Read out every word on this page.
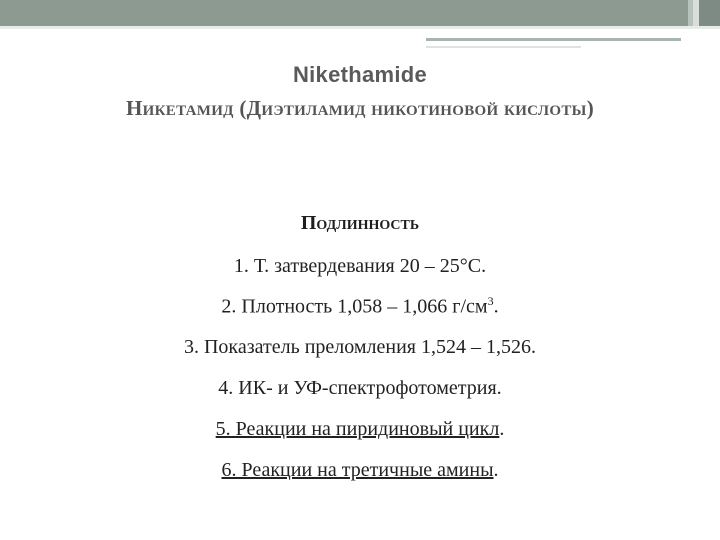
Nikethamide
Никетамид (Диэтиламид никотиновой кислоты)
Подлинность
1. Т. затвердевания 20 – 25°С.
2. Плотность 1,058 – 1,066 $г/см^3$.
3. Показатель преломления 1,524 – 1,526.
4. ИК- и УФ-спектрофотометрия.
5. Реакции на пиридиновый цикл.
6. Реакции на третичные амины.
